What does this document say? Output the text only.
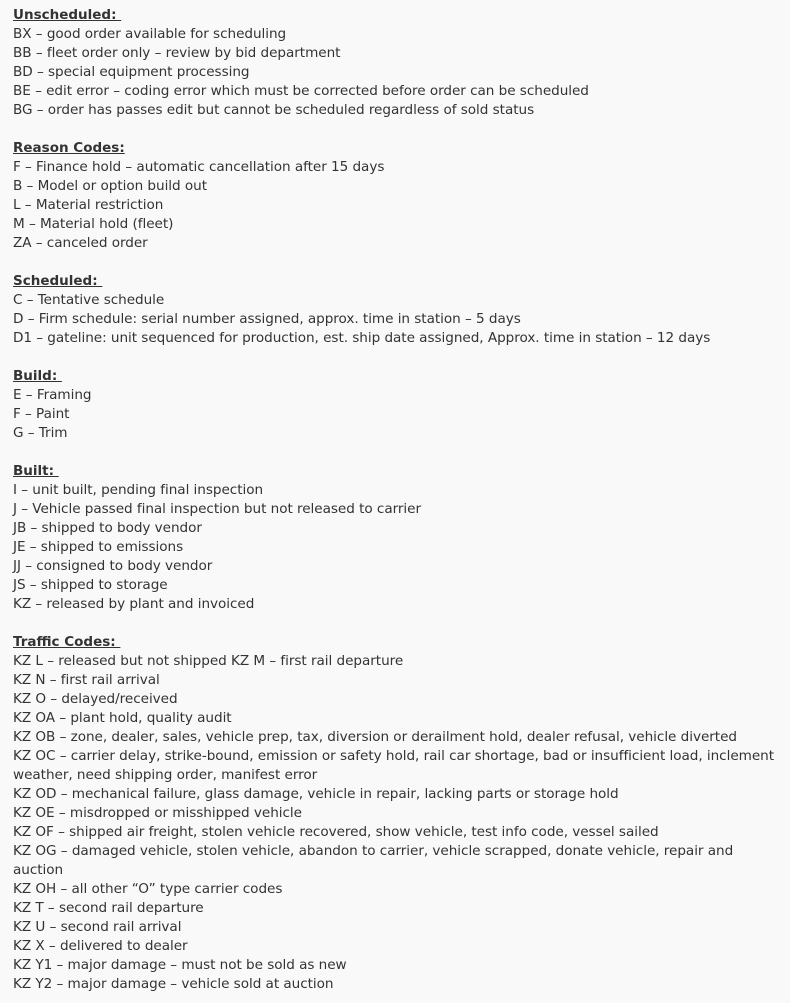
Unscheduled:
BX – good order available for scheduling
BB – fleet order only – review by bid department
BD – special equipment processing
BE – edit error – coding error which must be corrected before order can be scheduled
BG – order has passes edit but cannot be scheduled regardless of sold status
Reason Codes:
F – Finance hold – automatic cancellation after 15 days
B – Model or option build out
L – Material restriction
M – Material hold (fleet)
ZA – canceled order
Scheduled:
C – Tentative schedule
D – Firm schedule: serial number assigned, approx. time in station – 5 days
D1 – gateline: unit sequenced for production, est. ship date assigned, Approx. time in station – 12 days
Build:
E – Framing
F – Paint
G – Trim
Built:
I – unit built, pending final inspection
J – Vehicle passed final inspection but not released to carrier
JB – shipped to body vendor
JE – shipped to emissions
JJ – consigned to body vendor
JS – shipped to storage
KZ – released by plant and invoiced
Traffic Codes:
KZ L – released but not shipped KZ M – first rail departure
KZ N – first rail arrival
KZ O – delayed/received
KZ OA – plant hold, quality audit
KZ OB – zone, dealer, sales, vehicle prep, tax, diversion or derailment hold, dealer refusal, vehicle diverted
KZ OC – carrier delay, strike-bound, emission or safety hold, rail car shortage, bad or insufficient load, inclement weather, need shipping order, manifest error
KZ OD – mechanical failure, glass damage, vehicle in repair, lacking parts or storage hold
KZ OE – misdropped or misshipped vehicle
KZ OF – shipped air freight, stolen vehicle recovered, show vehicle, test info code, vessel sailed
KZ OG – damaged vehicle, stolen vehicle, abandon to carrier, vehicle scrapped, donate vehicle, repair and auction
KZ OH – all other “O” type carrier codes
KZ T – second rail departure
KZ U – second rail arrival
KZ X – delivered to dealer
KZ Y1 – major damage – must not be sold as new
KZ Y2 – major damage – vehicle sold at auction
